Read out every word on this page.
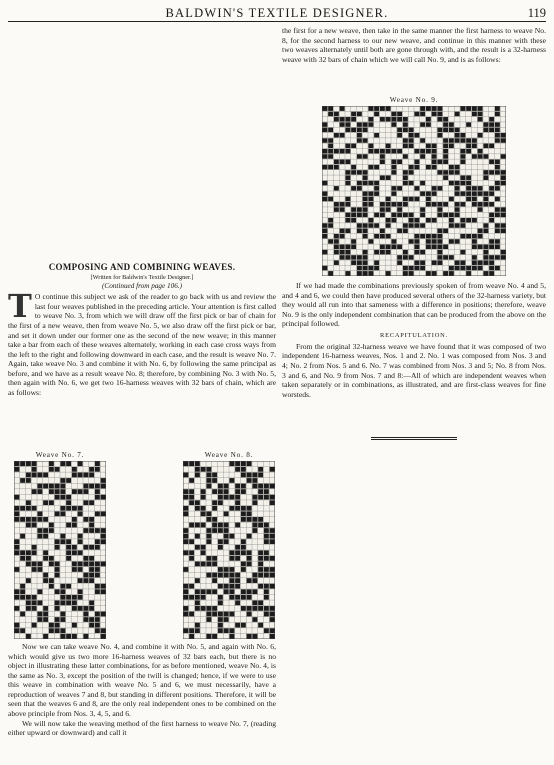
BALDWIN'S TEXTILE DESIGNER.	119

the first for a new weave, then take in the same manner the first harness to weave No. 8, for the second harness to our new weave, and continue in this manner with these two weaves alternately until both are gone through with, and the result is a 32-harness weave with 32 bars of chain which we will call No. 9, and is as follows:

Weave No. 9.

If we had made the combinations previously spoken of from weave No. 4 and 5, and 4 and 6, we could then have produced several others of the 32-harness variety, but they would all run into that sameness with a difference in positions; therefore, weave No. 9 is the only independent combination that can be produced from the above on the principal followed.

RECAPITULATION.

From the original 32-harness weave we have found that it was composed of two independent 16-harness weaves, Nos. 1 and 2. No. 1 was composed from Nos. 3 and 4; No. 2 from Nos. 5 and 6. No. 7 was combined from Nos. 3 and 5; No. 8 from Nos. 3 and 6, and No. 9 from Nos. 7 and 8:—All of which are independent weaves when taken separately or in combinations, as illustrated, and are first-class weaves for fine worsteds.

COMPOSING AND COMBINING WEAVES.
[Written for Baldwin's Textile Designer.]
(Continued from page 106.)

T O continue this subject we ask of the reader to go back with us and review the last four weaves published in the preceding article. Your attention is first called to weave No. 3, from which we will draw off the first pick or bar of chain for the first of a new weave, then from weave No. 5, we also draw off the first pick or bar, and set it down under our former one as the second of the new weave; in this manner take a bar from each of these weaves alternately, working in each case cross ways from the left to the right and following downward in each case, and the result is weave No. 7. Again, take weave No. 3 and combine it with No. 6, by following the same principal as before, and we have as a result weave No. 8; therefore, by combining No. 3 with No. 5, then again with No. 6, we get two 16-harness weaves with 32 bars of chain, which are as follows:

Weave No. 7.	Weave No. 8.

Now we can take weave No. 4, and combine it with No. 5, and again with No. 6, which would give us two more 16-harness weaves of 32 bars each, but there is no object in illustrating these latter combinations, for as before mentioned, weave No. 4, is the same as No. 3, except the position of the twill is changed; hence, if we were to use this weave in combination with weave No. 5 and 6, we must necessarily, have a reproduction of weaves 7 and 8, but standing in different positions. Therefore, it will be seen that the weaves 6 and 8, are the only real independent ones to be combined on the above principle from Nos. 3, 4, 5, and 6.

We will now take the weaving method of the first harness to weave No. 7, (reading either upward or downward) and call it
